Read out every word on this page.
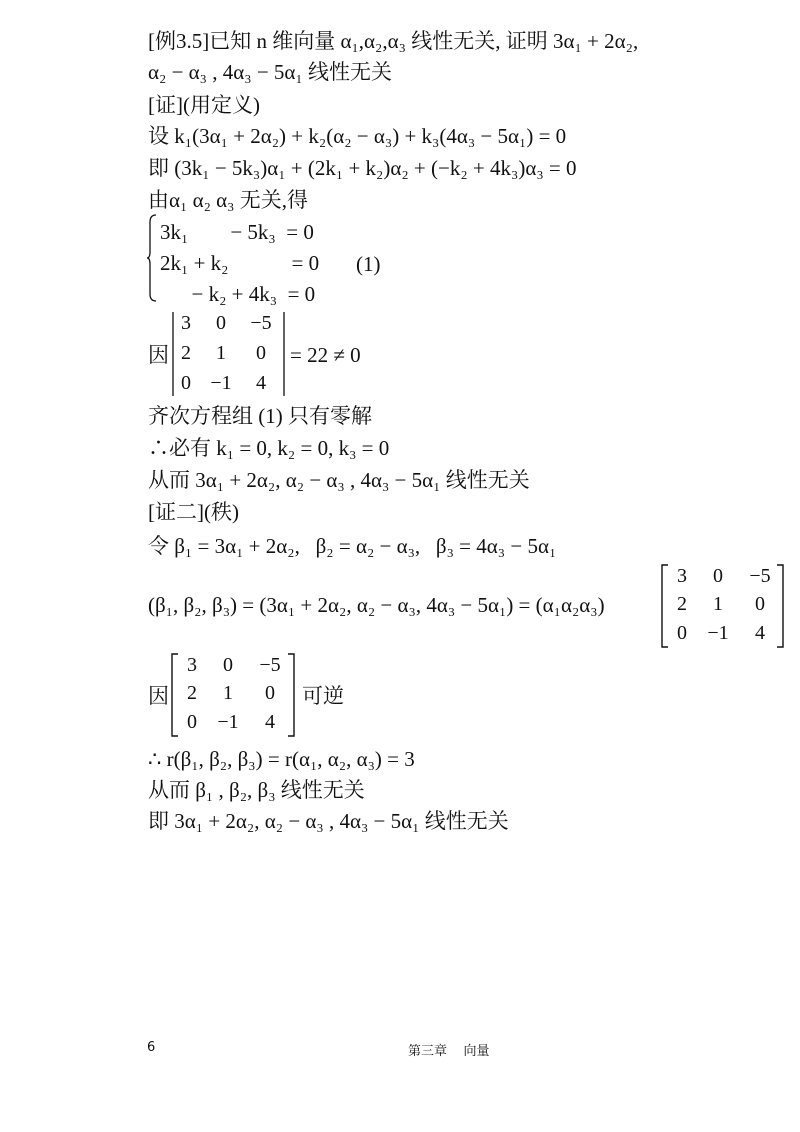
[例3.5]已知 n 维向量 α₁,α₂,α₃ 线性无关, 证明 3α₁ + 2α₂,
α₂ − α₃ , 4α₃ − 5α₁ 线性无关
[证](用定义)
设 k₁(3α₁ + 2α₂) + k₂(α₂ − α₃) + k₃(4α₃ − 5α₁) = 0
即 (3k₁ − 5k₃)α₁ + (2k₁ + k₂)α₂ + (−k₂ + 4k₃)α₃ = 0
由α₁ α₂ α₃ 无关,得
3k₁        − 5k₃  = 0
2k₁ + k₂            = 0
− k₂ + 4k₃  = 0
(1)
因
3	0	−5
2	1	0
0 −1	4
= 22 ≠ 0
齐次方程组 (1) 只有零解
∴必有 k₁ = 0, k₂ = 0, k₃ = 0
从而 3α₁ + 2α₂, α₂ − α₃ , 4α₃ − 5α₁ 线性无关
[证二](秩)
令 β₁ = 3α₁ + 2α₂,   β₂ = α₂ − α₃,   β₃ = 4α₃ − 5α₁
(β₁, β₂, β₃) = (3α₁ + 2α₂, α₂ − α₃, 4α₃ − 5α₁) = (α₁α₂α₃)
3	0	−5
2	1	0
0	−1	4
因
3	0	−5
2	1	0
0	−1	4
可逆
∴ r(β₁, β₂, β₃) = r(α₁, α₂, α₃) = 3
从而 β₁ , β₂, β₃ 线性无关
即 3α₁ + 2α₂, α₂ − α₃ , 4α₃ − 5α₁ 线性无关
6	第三章    向量
